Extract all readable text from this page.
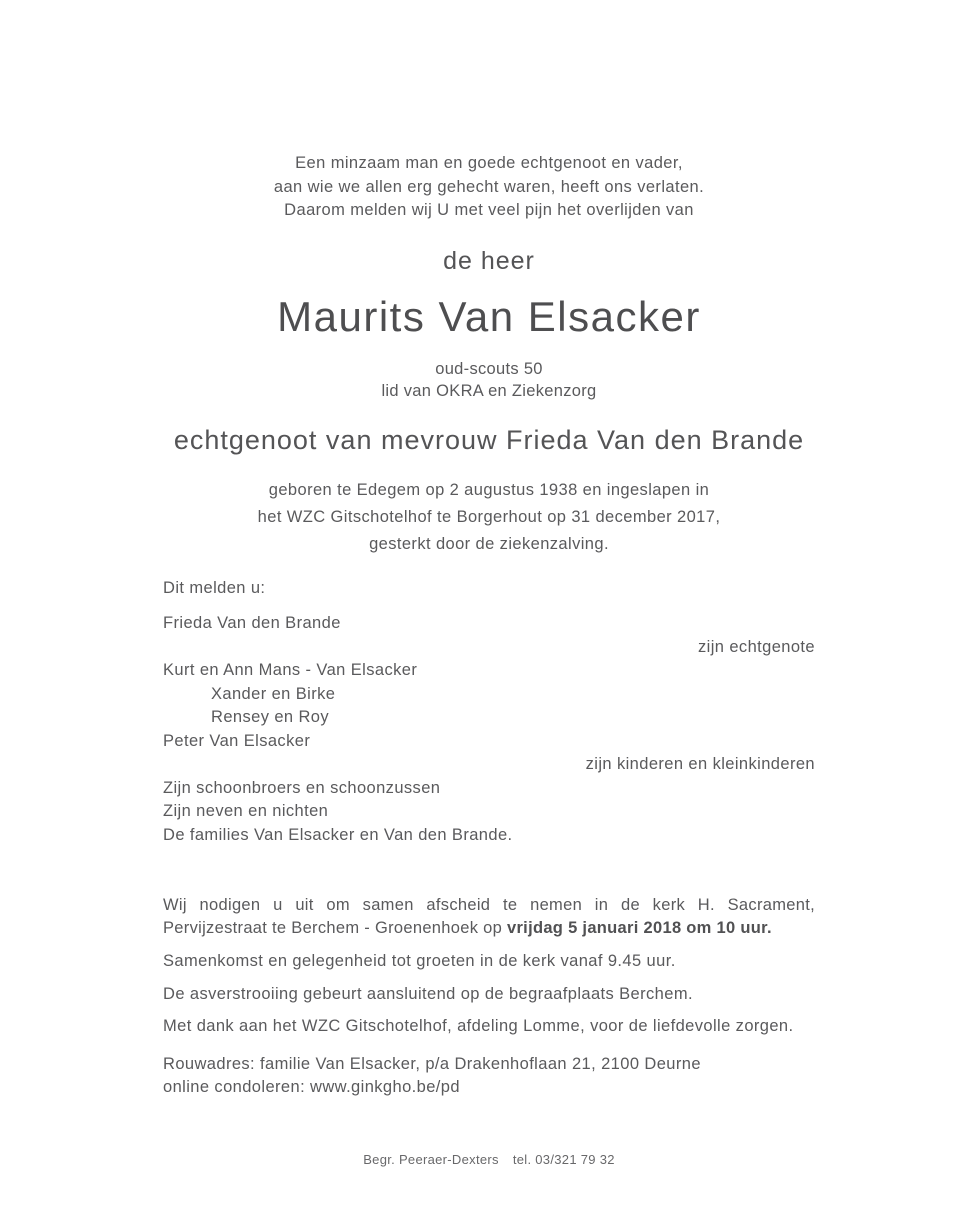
Een minzaam man en goede echtgenoot en vader,
aan wie we allen erg gehecht waren, heeft ons verlaten.
Daarom melden wij U met veel pijn het overlijden van
de heer
Maurits Van Elsacker
oud-scouts 50
lid van OKRA en Ziekenzorg
echtgenoot van mevrouw Frieda Van den Brande
geboren te Edegem op 2 augustus 1938 en ingeslapen in
het WZC Gitschotelhof te Borgerhout op 31 december 2017,
gesterkt door de ziekenzalving.
Dit melden u:
Frieda Van den Brande
zijn echtgenote
Kurt en Ann Mans - Van Elsacker
Xander en Birke
Rensey en Roy
Peter Van Elsacker
zijn kinderen en kleinkinderen
Zijn schoonbroers en schoonzussen
Zijn neven en nichten
De families Van Elsacker en Van den Brande.
Wij nodigen u uit om samen afscheid te nemen in de kerk H. Sacrament, Pervijzestraat te Berchem - Groenenhoek op vrijdag 5 januari 2018 om 10 uur.
Samenkomst en gelegenheid tot groeten in de kerk vanaf 9.45 uur.
De asverstrooiing gebeurt aansluitend op de begraafplaats Berchem.
Met dank aan het WZC Gitschotelhof, afdeling Lomme, voor de liefdevolle zorgen.
Rouwadres: familie Van Elsacker, p/a Drakenhoflaan 21, 2100 Deurne
online condoleren: www.ginkgho.be/pd
Begr. Peeraer-Dexters tel. 03/321 79 32
